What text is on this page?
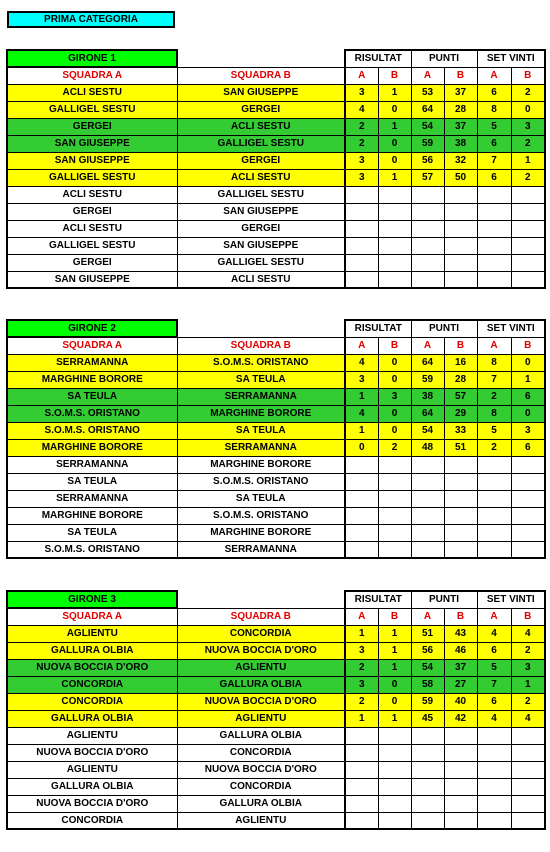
PRIMA CATEGORIA
GIRONE 1		RISULTAT		PUNTI		SET VINTI	
SQUADRA A	SQUADRA B	A	B	A	B	A	B
ACLI SESTU	SAN GIUSEPPE	3	1	53	37	6	2
GALLIGEL SESTU	GERGEI	4	0	64	28	8	0
GERGEI	ACLI SESTU	2	1	54	37	5	3
SAN GIUSEPPE	GALLIGEL SESTU	2	0	59	38	6	2
SAN GIUSEPPE	GERGEI	3	0	56	32	7	1
GALLIGEL SESTU	ACLI SESTU	3	1	57	50	6	2
ACLI SESTU	GALLIGEL SESTU						
GERGEI	SAN GIUSEPPE						
ACLI SESTU	GERGEI						
GALLIGEL SESTU	SAN GIUSEPPE						
GERGEI	GALLIGEL SESTU						
SAN GIUSEPPE	ACLI SESTU						
GIRONE 2		RISULTAT		PUNTI		SET VINTI	
SQUADRA A	SQUADRA B	A	B	A	B	A	B
SERRAMANNA	S.O.M.S. ORISTANO	4	0	64	16	8	0
MARGHINE BORORE	SA TEULA	3	0	59	28	7	1
SA TEULA	SERRAMANNA	1	3	38	57	2	6
S.O.M.S. ORISTANO	MARGHINE BORORE	4	0	64	29	8	0
S.O.M.S. ORISTANO	SA TEULA	1	0	54	33	5	3
MARGHINE BORORE	SERRAMANNA	0	2	48	51	2	6
SERRAMANNA	MARGHINE BORORE						
SA TEULA	S.O.M.S. ORISTANO						
SERRAMANNA	SA TEULA						
MARGHINE BORORE	S.O.M.S. ORISTANO						
SA TEULA	MARGHINE BORORE						
S.O.M.S. ORISTANO	SERRAMANNA						
GIRONE 3		RISULTAT		PUNTI		SET VINTI	
SQUADRA A	SQUADRA B	A	B	A	B	A	B
AGLIENTU	CONCORDIA	1	1	51	43	4	4
GALLURA OLBIA	NUOVA BOCCIA D'ORO	3	1	56	46	6	2
NUOVA BOCCIA D'ORO	AGLIENTU	2	1	54	37	5	3
CONCORDIA	GALLURA OLBIA	3	0	58	27	7	1
CONCORDIA	NUOVA BOCCIA D'ORO	2	0	59	40	6	2
GALLURA OLBIA	AGLIENTU	1	1	45	42	4	4
AGLIENTU	GALLURA OLBIA						
NUOVA BOCCIA D'ORO	CONCORDIA						
AGLIENTU	NUOVA BOCCIA D'ORO						
GALLURA OLBIA	CONCORDIA						
NUOVA BOCCIA D'ORO	GALLURA OLBIA						
CONCORDIA	AGLIENTU						
